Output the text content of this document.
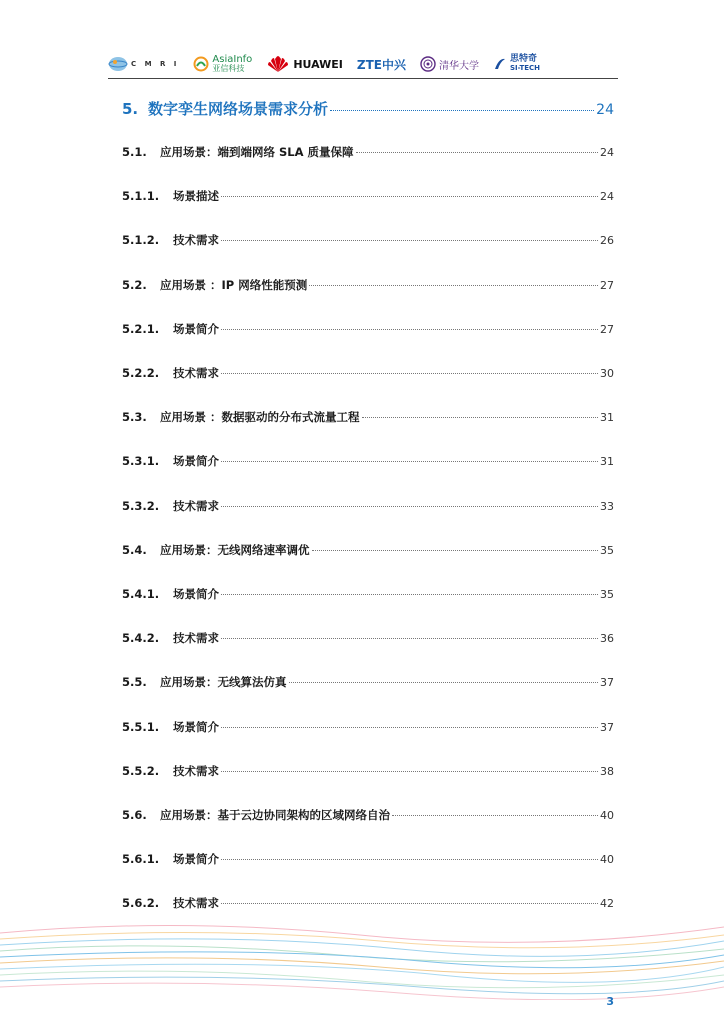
C M R I	AsiaInfo
亚信科技	HUAWEI ZTE中兴	清华大学
思特奇
SI-TECH
5. 数字孪生网络场景需求分析	24
5.1.	应用场景：端到端网络 SLA 质量保障	24
5.1.1.	场景描述	24
5.1.2.	技术需求	26
5.2.	应用场景 ：IP 网络性能预测	27
5.2.1.	场景简介	27
5.2.2.	技术需求	30
5.3.	应用场景 ：数据驱动的分布式流量工程	31
5.3.1.	场景简介	31
5.3.2.	技术需求	33
5.4.	应用场景：无线网络速率调优	35
5.4.1.	场景简介	35
5.4.2.	技术需求	36
5.5.	应用场景：无线算法仿真	37
5.5.1.	场景简介	37
5.5.2.	技术需求	38
5.6.	应用场景：基于云边协同架构的区域网络自治	40
5.6.1.	场景简介	40
5.6.2.	技术需求	42
3
